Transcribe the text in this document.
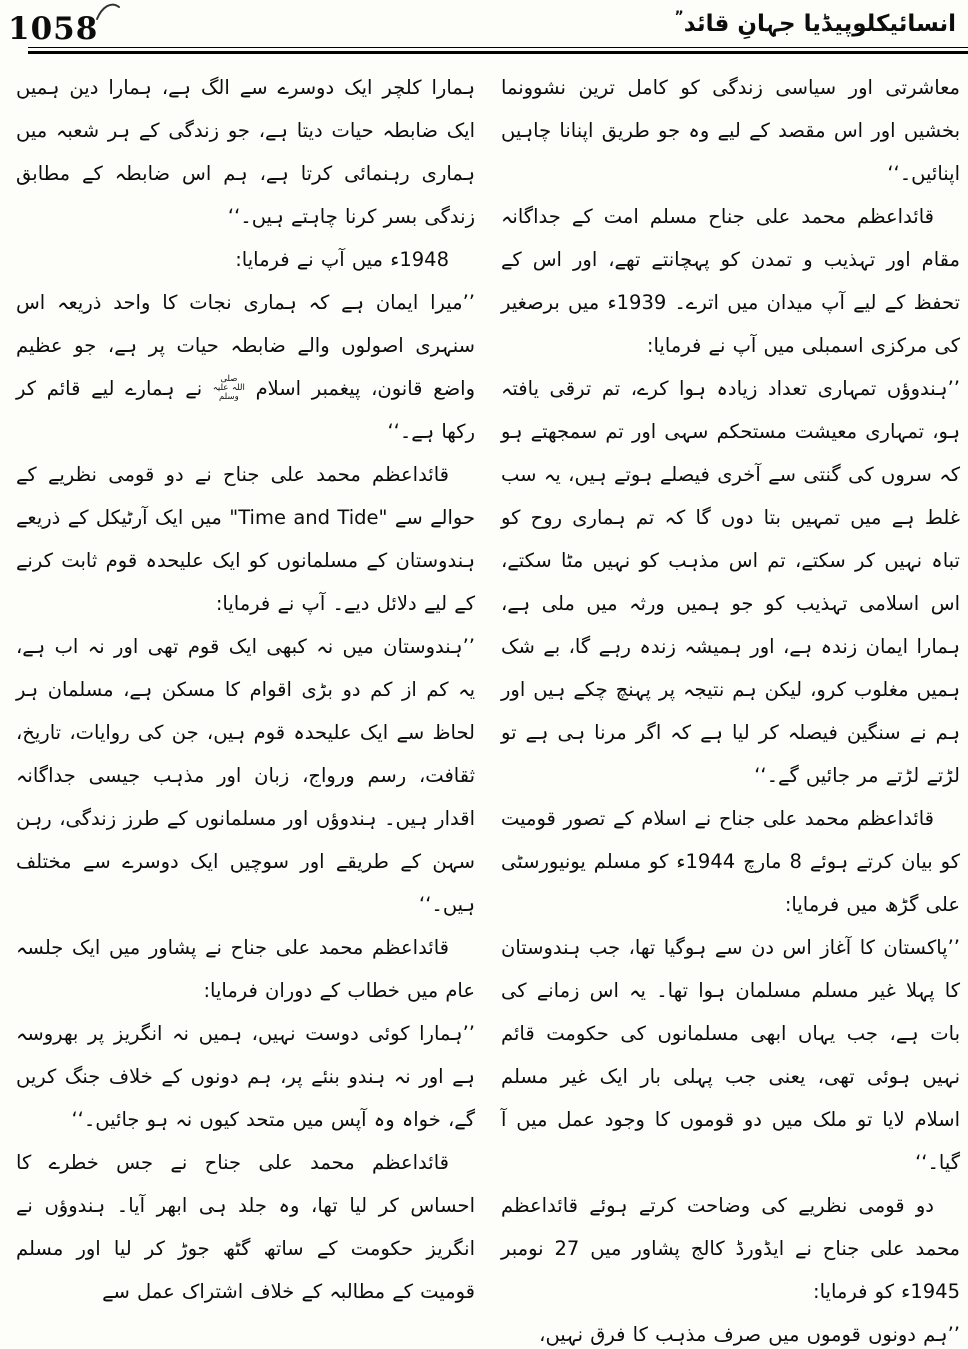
1058	انسائیکلوپیڈیا جہانِ قائد”

معاشرتی اور سیاسی زندگی کو کامل ترین نشوونما بخشیں اور اس مقصد کے لیے وہ جو طریق اپنانا چاہیں اپنائیں۔‘‘

قائداعظم محمد علی جناح مسلم امت کے جداگانہ مقام اور تہذیب و تمدن کو پہچانتے تھے، اور اس کے تحفظ کے لیے آپ میدان میں اترے۔ 1939ء میں برصغیر کی مرکزی اسمبلی میں آپ نے فرمایا:

’’ہندوؤں تمہاری تعداد زیادہ ہوا کرے، تم ترقی یافتہ ہو، تمہاری معیشت مستحکم سہی اور تم سمجھتے ہو کہ سروں کی گنتی سے آخری فیصلے ہوتے ہیں، یہ سب غلط ہے میں تمہیں بتا دوں گا کہ تم ہماری روح کو تباہ نہیں کر سکتے، تم اس مذہب کو نہیں مٹا سکتے، اس اسلامی تہذیب کو جو ہمیں ورثہ میں ملی ہے، ہمارا ایمان زندہ ہے، اور ہمیشہ زندہ رہے گا، بے شک ہمیں مغلوب کرو، لیکن ہم نتیجہ پر پہنچ چکے ہیں اور ہم نے سنگین فیصلہ کر لیا ہے کہ اگر مرنا ہی ہے تو لڑتے لڑتے مر جائیں گے۔‘‘

قائداعظم محمد علی جناح نے اسلام کے تصور قومیت کو بیان کرتے ہوئے 8 مارچ 1944ء کو مسلم یونیورسٹی علی گڑھ میں فرمایا:

’’پاکستان کا آغاز اس دن سے ہوگیا تھا، جب ہندوستان کا پہلا غیر مسلم مسلمان ہوا تھا۔ یہ اس زمانے کی بات ہے، جب یہاں ابھی مسلمانوں کی حکومت قائم نہیں ہوئی تھی، یعنی جب پہلی بار ایک غیر مسلم اسلام لایا تو ملک میں دو قوموں کا وجود عمل میں آ گیا۔‘‘

دو قومی نظریے کی وضاحت کرتے ہوئے قائداعظم محمد علی جناح نے ایڈورڈ کالج پشاور میں 27 نومبر 1945ء کو فرمایا:

’’ہم دونوں قوموں میں صرف مذہب کا فرق نہیں،

ہمارا کلچر ایک دوسرے سے الگ ہے، ہمارا دین ہمیں ایک ضابطہ حیات دیتا ہے، جو زندگی کے ہر شعبہ میں ہماری رہنمائی کرتا ہے، ہم اس ضابطہ کے مطابق زندگی بسر کرنا چاہتے ہیں۔‘‘

1948ء میں آپ نے فرمایا:

’’میرا ایمان ہے کہ ہماری نجات کا واحد ذریعہ اس سنہری اصولوں والے ضابطہ حیات پر ہے، جو عظیم واضع قانون، پیغمبر اسلام صلی اللہ علیہ وسلم نے ہمارے لیے قائم کر رکھا ہے۔‘‘

قائداعظم محمد علی جناح نے دو قومی نظریے کے حوالے سے "Time and Tide" میں ایک آرٹیکل کے ذریعے ہندوستان کے مسلمانوں کو ایک علیحدہ قوم ثابت کرنے کے لیے دلائل دیے۔ آپ نے فرمایا:

’’ہندوستان میں نہ کبھی ایک قوم تھی اور نہ اب ہے، یہ کم از کم دو بڑی اقوام کا مسکن ہے، مسلمان ہر لحاظ سے ایک علیحدہ قوم ہیں، جن کی روایات، تاریخ، ثقافت، رسم ورواج، زبان اور مذہب جیسی جداگانہ اقدار ہیں۔ ہندوؤں اور مسلمانوں کے طرز زندگی، رہن سہن کے طریقے اور سوچیں ایک دوسرے سے مختلف ہیں۔‘‘

قائداعظم محمد علی جناح نے پشاور میں ایک جلسہ عام میں خطاب کے دوران فرمایا:

’’ہمارا کوئی دوست نہیں، ہمیں نہ انگریز پر بھروسہ ہے اور نہ ہندو بنئے پر، ہم دونوں کے خلاف جنگ کریں گے، خواہ وہ آپس میں متحد کیوں نہ ہو جائیں۔‘‘

قائداعظم محمد علی جناح نے جس خطرے کا احساس کر لیا تھا، وہ جلد ہی ابھر آیا۔ ہندوؤں نے انگریز حکومت کے ساتھ گٹھ جوڑ کر لیا اور مسلم قومیت کے مطالبہ کے خلاف اشتراک عمل سے
